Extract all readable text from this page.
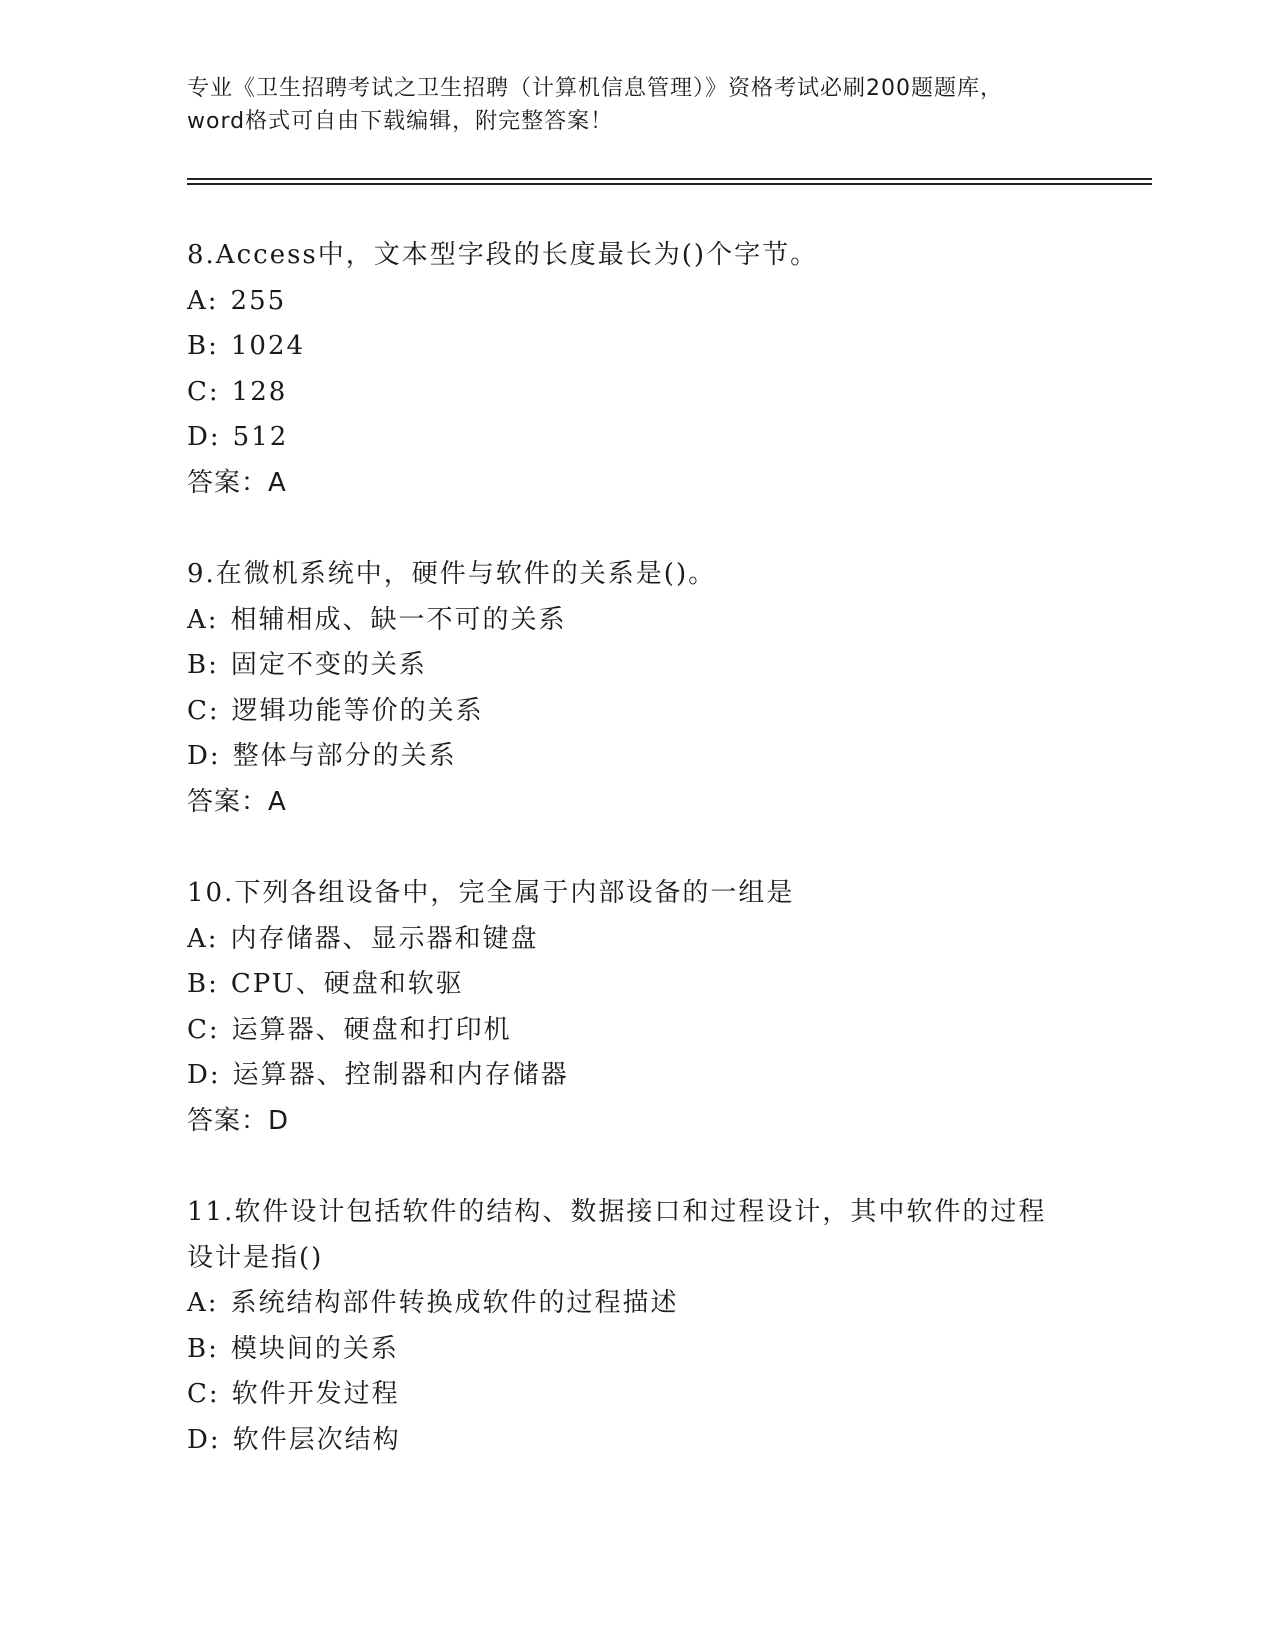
专业《卫生招聘考试之卫生招聘（计算机信息管理）》资格考试必刷200题题库，
word格式可自由下载编辑，附完整答案！
8.Access中，文本型字段的长度最长为()个字节。
A: 255
B: 1024
C: 128
D: 512
答案：A
9.在微机系统中，硬件与软件的关系是()。
A: 相辅相成、缺一不可的关系
B: 固定不变的关系
C: 逻辑功能等价的关系
D: 整体与部分的关系
答案：A
10.下列各组设备中，完全属于内部设备的一组是
A: 内存储器、显示器和键盘
B: CPU、硬盘和软驱
C: 运算器、硬盘和打印机
D: 运算器、控制器和内存储器
答案：D
11.软件设计包括软件的结构、数据接口和过程设计，其中软件的过程
设计是指()
A: 系统结构部件转换成软件的过程描述
B: 模块间的关系
C: 软件开发过程
D: 软件层次结构
